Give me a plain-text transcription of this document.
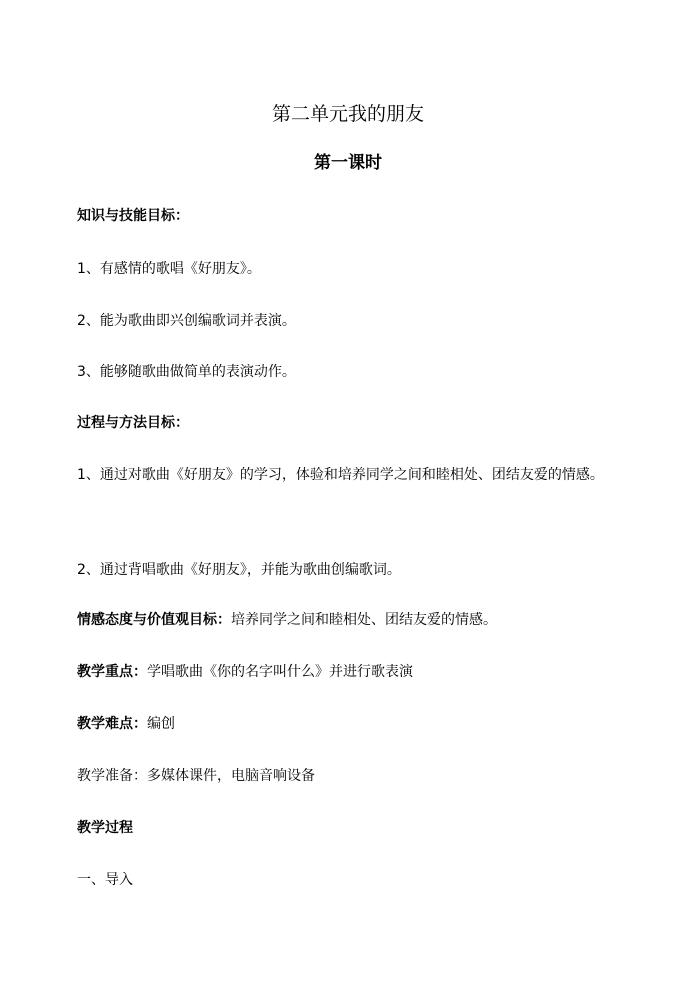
第二单元我的朋友
第一课时
知识与技能目标：
1、有感情的歌唱《好朋友》。
2、能为歌曲即兴创编歌词并表演。
3、能够随歌曲做简单的表演动作。
过程与方法目标：
1、通过对歌曲《好朋友》的学习，体验和培养同学之间和睦相处、团结友爱的情感。
2、通过背唱歌曲《好朋友》，并能为歌曲创编歌词。
情感态度与价值观目标：培养同学之间和睦相处、团结友爱的情感。
教学重点：学唱歌曲《你的名字叫什么》并进行歌表演
教学难点：编创
教学准备：多媒体课件，电脑音响设备
教学过程
一、导入
